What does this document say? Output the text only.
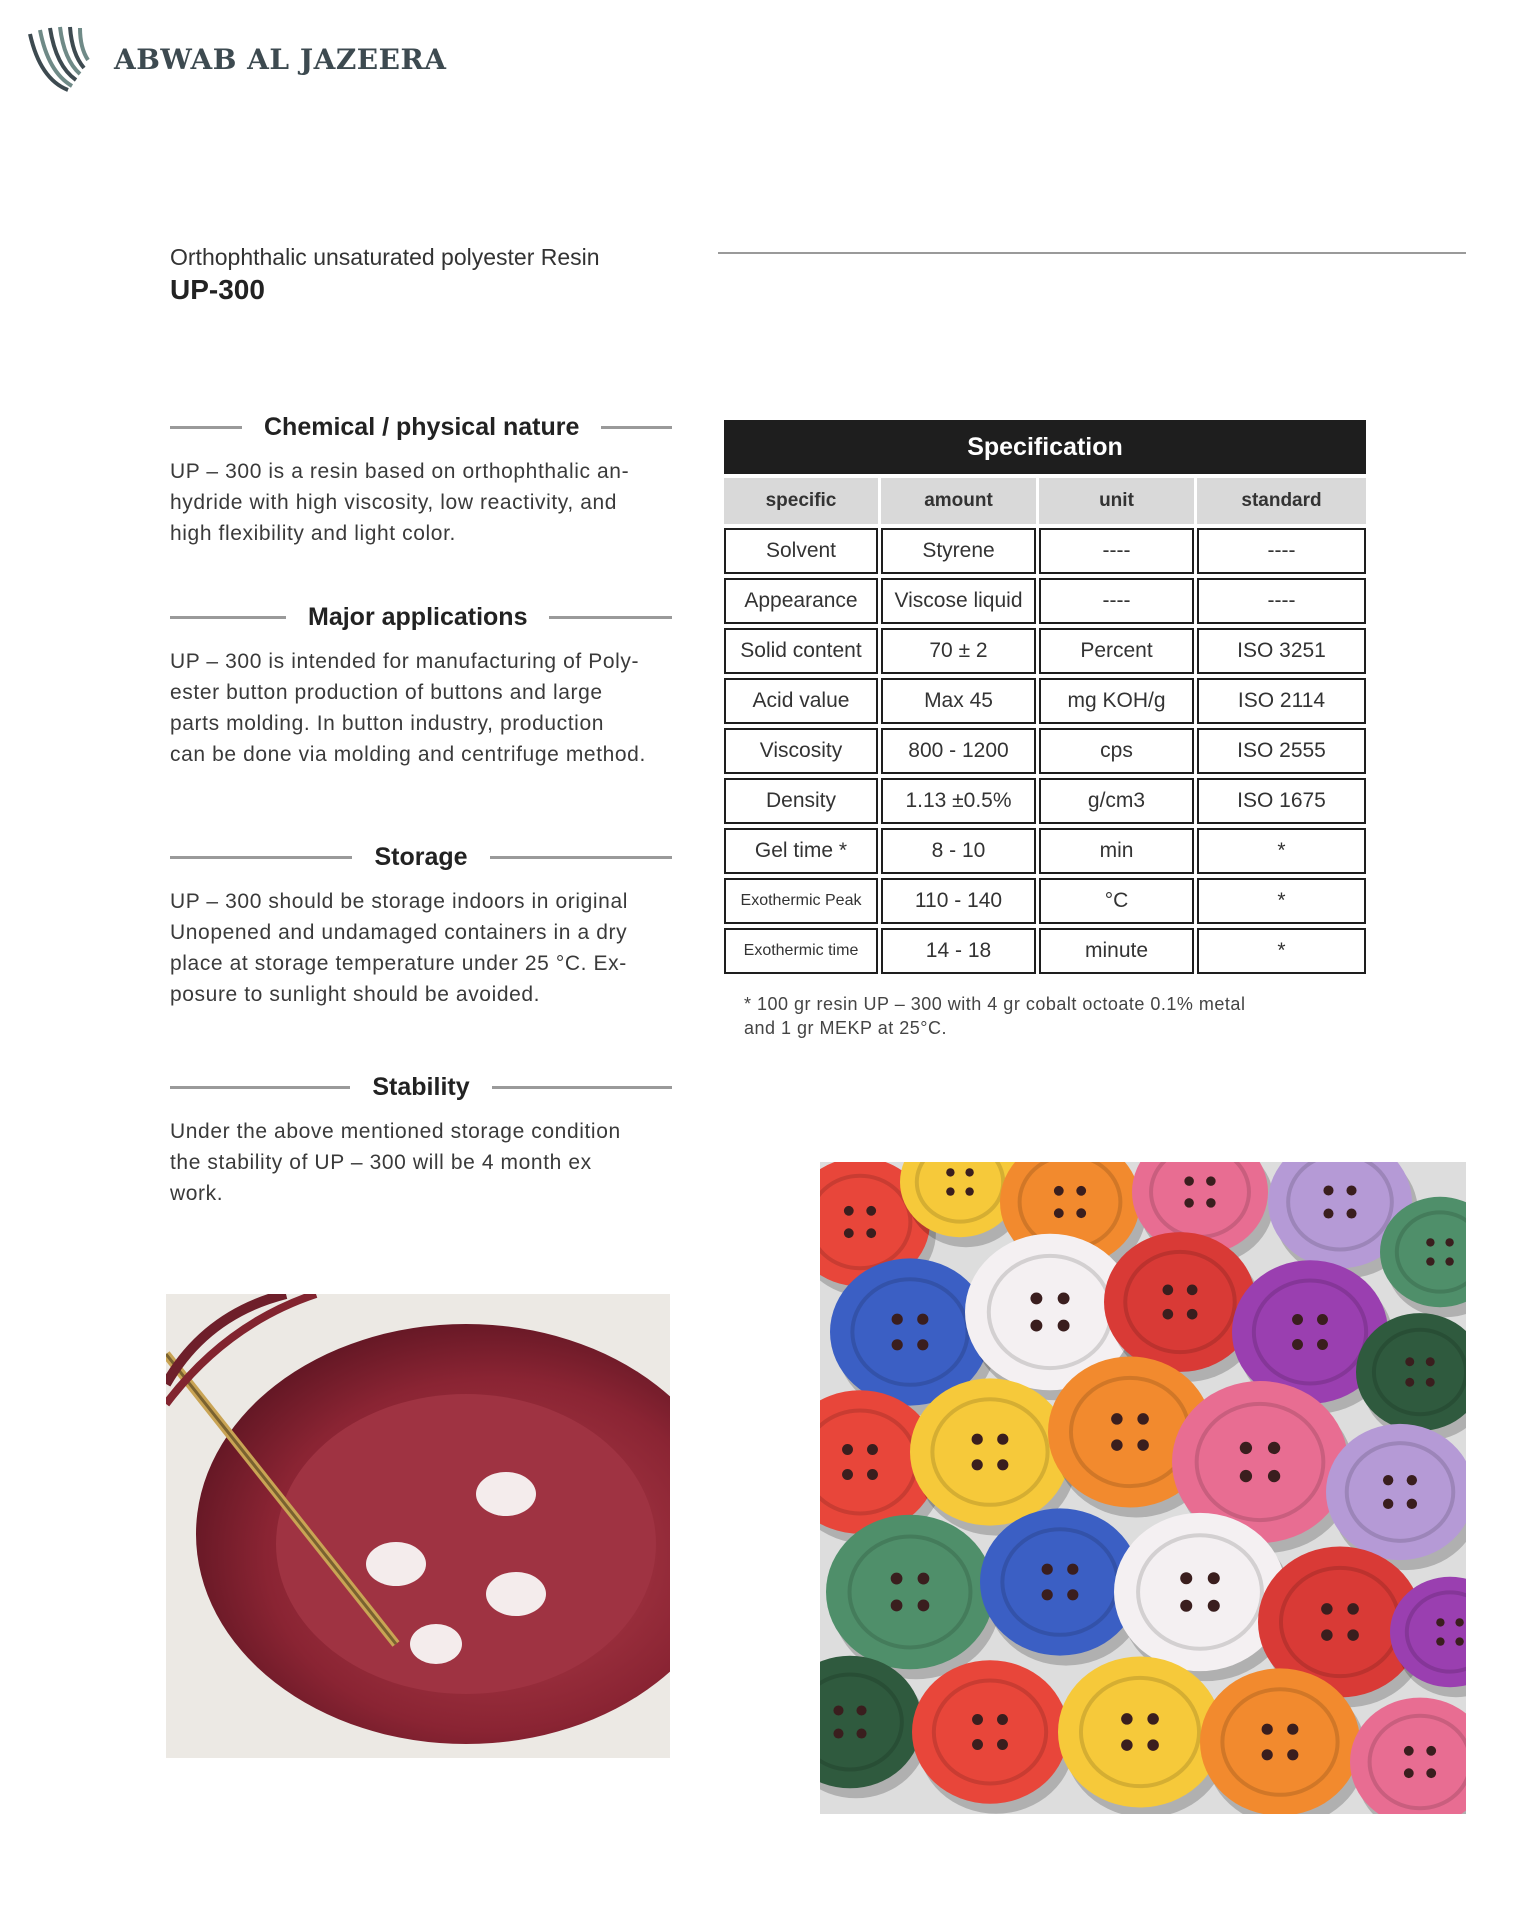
ABWAB AL JAZEERA
Orthophthalic unsaturated polyester Resin
UP-300
Chemical / physical nature
UP – 300 is a resin based on orthophthalic an-
hydride with high viscosity, low reactivity, and
high flexibility and light color.
Major applications
UP – 300 is intended for manufacturing of Poly-
ester button production of buttons and large
parts molding. In button industry, production
can be done via molding and centrifuge method.
Storage
UP – 300 should be storage indoors in original
Unopened and undamaged containers in a dry
place at storage temperature under 25 °C. Ex-
posure to sunlight should be avoided.
Stability
Under the above mentioned storage condition
the stability of UP – 300 will be 4 month ex
work.
Specification
specific	amount	unit	standard
Solvent	Styrene	----	----
Appearance	Viscose liquid	----	----
Solid content	70 ± 2	Percent	ISO 3251
Acid value	Max 45	mg KOH/g	ISO 2114
Viscosity	800 - 1200	cps	ISO 2555
Density	1.13 ±0.5%	g/cm3	ISO 1675
Gel time *	8 - 10	min	*
Exothermic Peak	110 - 140	°C	*
Exothermic time	14 - 18	minute	*
* 100 gr resin UP – 300 with 4 gr cobalt octoate 0.1% metal
and 1 gr MEKP at 25°C.
